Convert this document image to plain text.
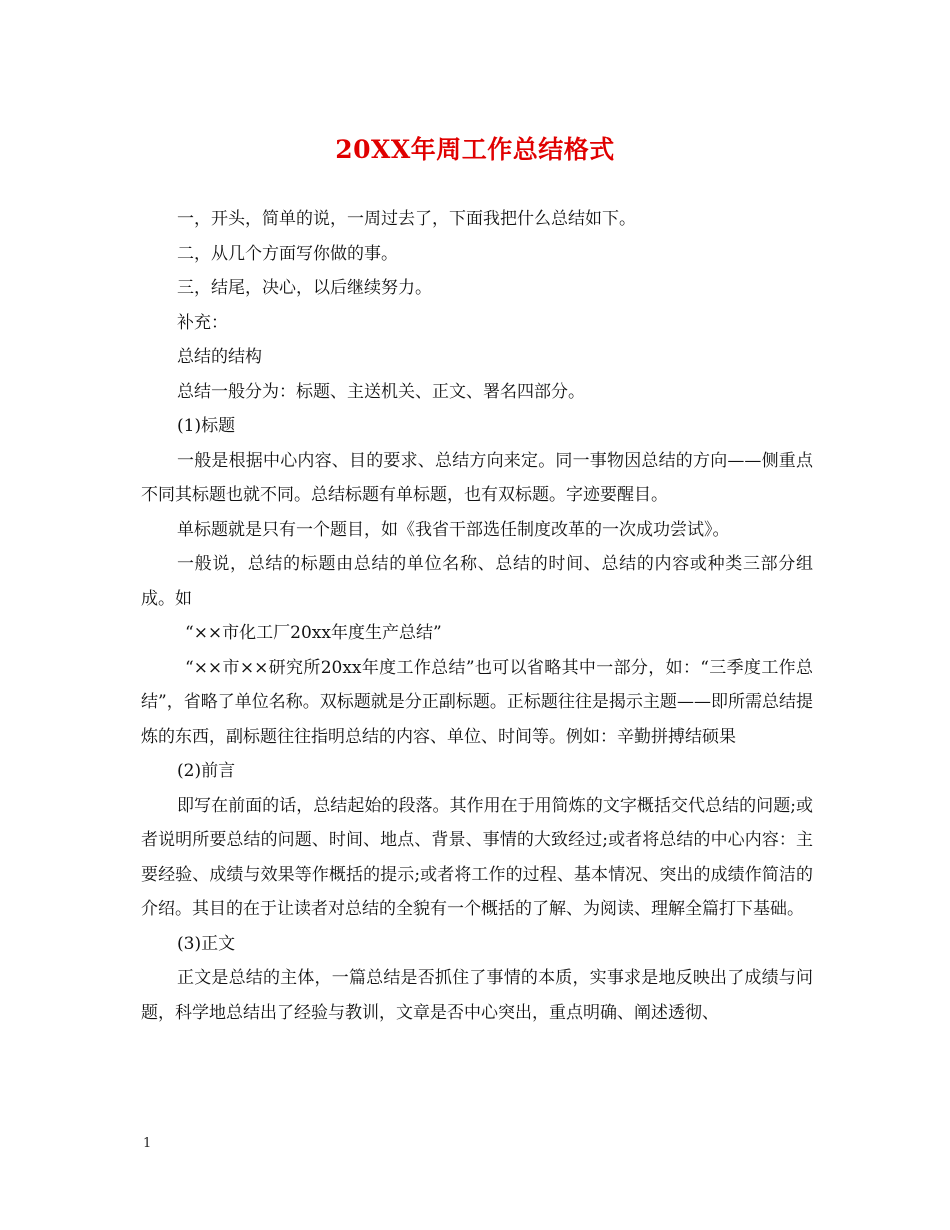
20XX年周工作总结格式

一，开头，简单的说，一周过去了，下面我把什么总结如下。

二，从几个方面写你做的事。

三，结尾，决心，以后继续努力。

补充：

总结的结构

总结一般分为：标题、主送机关、正文、署名四部分。

(1)标题

一般是根据中心内容、目的要求、总结方向来定。同一事物因总结的方向——侧重点不同其标题也就不同。总结标题有单标题，也有双标题。字迹要醒目。

单标题就是只有一个题目，如《我省干部选任制度改革的一次成功尝试》。

一般说，总结的标题由总结的单位名称、总结的时间、总结的内容或种类三部分组成。如

“××市化工厂20xx年度生产总结”

“××市××研究所20xx年度工作总结”也可以省略其中一部分，如：“三季度工作总结”，省略了单位名称。双标题就是分正副标题。正标题往往是揭示主题——即所需总结提炼的东西，副标题往往指明总结的内容、单位、时间等。例如：辛勤拼搏结硕果

(2)前言

即写在前面的话，总结起始的段落。其作用在于用简炼的文字概括交代总结的问题;或者说明所要总结的问题、时间、地点、背景、事情的大致经过;或者将总结的中心内容：主要经验、成绩与效果等作概括的提示;或者将工作的过程、基本情况、突出的成绩作简洁的介绍。其目的在于让读者对总结的全貌有一个概括的了解、为阅读、理解全篇打下基础。

(3)正文

正文是总结的主体，一篇总结是否抓住了事情的本质，实事求是地反映出了成绩与问题，科学地总结出了经验与教训，文章是否中心突出，重点明确、阐述透彻、

1
